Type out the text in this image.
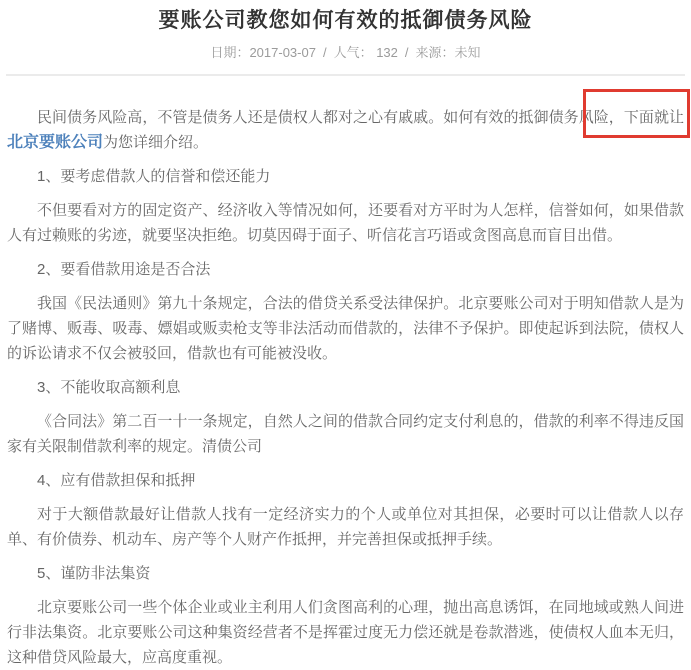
要账公司教您如何有效的抵御债务风险
日期：2017-03-07 / 人气： 132 / 来源：未知

民间债务风险高，不管是债务人还是债权人都对之心有戚戚。如何有效的抵御债务风险，下面就让北京要账公司为您详细介绍。

1、要考虑借款人的信誉和偿还能力

不但要看对方的固定资产、经济收入等情况如何，还要看对方平时为人怎样，信誉如何，如果借款人有过赖账的劣迹，就要坚决拒绝。切莫因碍于面子、听信花言巧语或贪图高息而盲目出借。

2、要看借款用途是否合法

我国《民法通则》第九十条规定，合法的借贷关系受法律保护。北京要账公司对于明知借款人是为了赌博、贩毒、吸毒、嫖娼或贩卖枪支等非法活动而借款的，法律不予保护。即使起诉到法院，债权人的诉讼请求不仅会被驳回，借款也有可能被没收。

3、不能收取高额利息

《合同法》第二百一十一条规定，自然人之间的借款合同约定支付利息的，借款的利率不得违反国家有关限制借款利率的规定。清债公司

4、应有借款担保和抵押

对于大额借款最好让借款人找有一定经济实力的个人或单位对其担保，必要时可以让借款人以存单、有价债券、机动车、房产等个人财产作抵押，并完善担保或抵押手续。

5、谨防非法集资

北京要账公司一些个体企业或业主利用人们贪图高利的心理，抛出高息诱饵，在同地域或熟人间进行非法集资。北京要账公司这种集资经营者不是挥霍过度无力偿还就是卷款潜逃，使债权人血本无归，这种借贷风险最大，应高度重视。
